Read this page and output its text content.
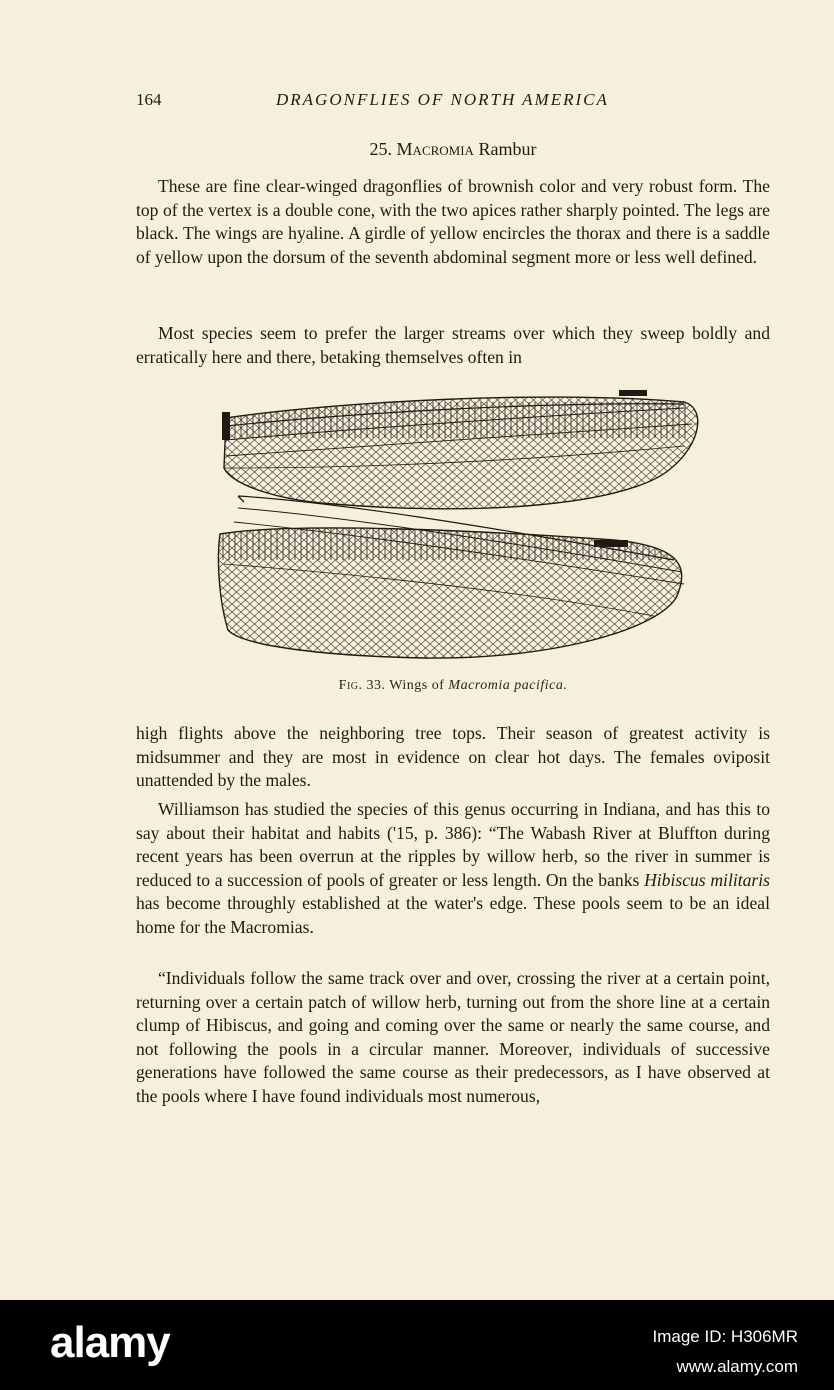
164	DRAGONFLIES OF NORTH AMERICA
25. Macromia Rambur

These are fine clear-winged dragonflies of brownish color and very robust form. The top of the vertex is a double cone, with the two apices rather sharply pointed. The legs are black. The wings are hyaline. A girdle of yellow encircles the thorax and there is a saddle of yellow upon the dorsum of the seventh abdominal segment more or less well defined.

Most species seem to prefer the larger streams over which they sweep boldly and erratically here and there, betaking themselves often in

Fig. 33. Wings of Macromia pacifica.

high flights above the neighboring tree tops. Their season of greatest activity is midsummer and they are most in evidence on clear hot days. The females oviposit unattended by the males.

Williamson has studied the species of this genus occurring in Indiana, and has this to say about their habitat and habits ('15, p. 386): “The Wabash River at Bluffton during recent years has been overrun at the ripples by willow herb, so the river in summer is reduced to a succession of pools of greater or less length. On the banks Hibiscus militaris has become throughly established at the water's edge. These pools seem to be an ideal home for the Macromias.

“Individuals follow the same track over and over, crossing the river at a certain point, returning over a certain patch of willow herb, turning out from the shore line at a certain clump of Hibiscus, and going and coming over the same or nearly the same course, and not following the pools in a circular manner. Moreover, individuals of successive generations have followed the same course as their predecessors, as I have observed at the pools where I have found individuals most numerous,

alamy	Image ID: H306MR
www.alamy.com
